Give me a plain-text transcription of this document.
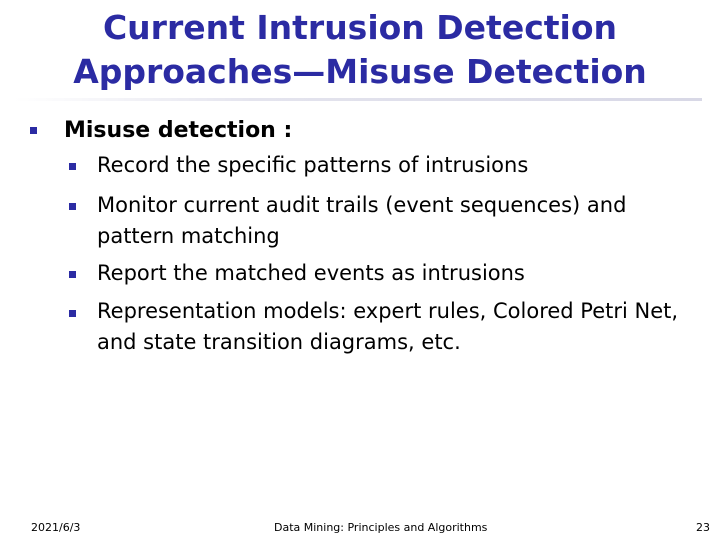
Current Intrusion Detection
Approaches—Misuse Detection
Misuse detection :
Record the specific patterns of intrusions
Monitor current audit trails (event sequences) and
pattern matching
Report the matched events as intrusions
Representation models: expert rules, Colored Petri Net,
and state transition diagrams, etc.
2021/6/3	Data Mining: Principles and Algorithms	23
